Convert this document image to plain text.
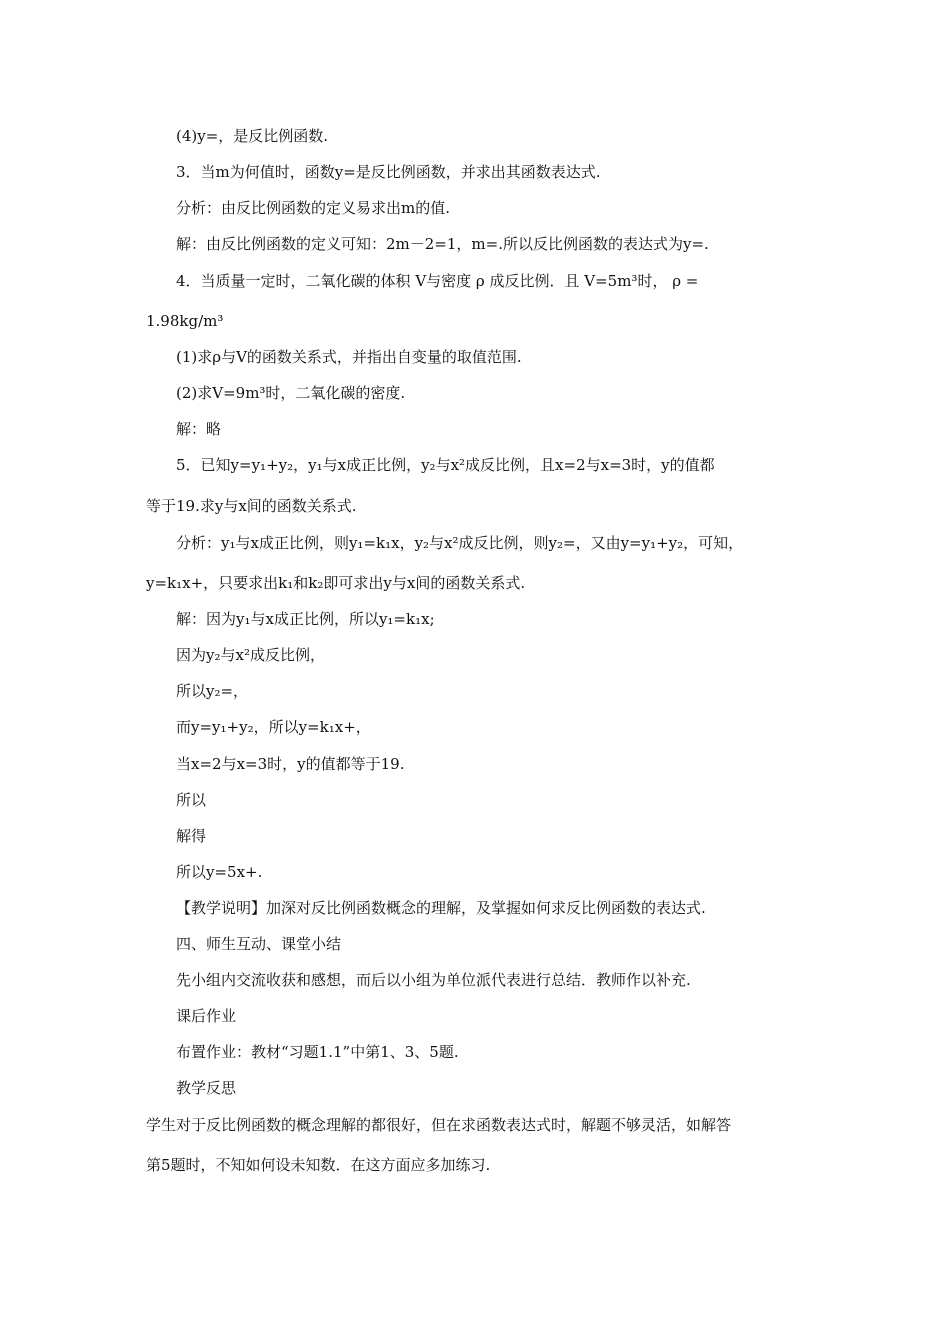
(4)y=，是反比例函数.
3．当m为何值时，函数y=是反比例函数，并求出其函数表达式.
分析：由反比例函数的定义易求出m的值.
解：由反比例函数的定义可知：2m－2=1，m=.所以反比例函数的表达式为y=.
4．当质量一定时，二氧化碳的体积 V与密度 ρ 成反比例．且 V=5m³时， ρ =
1.98kg/m³
(1)求ρ与V的函数关系式，并指出自变量的取值范围.
(2)求V=9m³时，二氧化碳的密度.
解：略
5．已知y=y₁+y₂，y₁与x成正比例，y₂与x²成反比例，且x=2与x=3时，y的值都
等于19.求y与x间的函数关系式.
分析：y₁与x成正比例，则y₁=k₁x，y₂与x²成反比例，则y₂=，又由y=y₁+y₂，可知，
y=k₁x+，只要求出k₁和k₂即可求出y与x间的函数关系式.
解：因为y₁与x成正比例，所以y₁=k₁x;
因为y₂与x²成反比例，
所以y₂=，
而y=y₁+y₂，所以y=k₁x+，
当x=2与x=3时，y的值都等于19.
所以
解得
所以y=5x+.
【教学说明】加深对反比例函数概念的理解，及掌握如何求反比例函数的表达式.
四、师生互动、课堂小结
先小组内交流收获和感想，而后以小组为单位派代表进行总结．教师作以补充.
课后作业
布置作业：教材“习题1.1”中第1、3、5题.
教学反思
学生对于反比例函数的概念理解的都很好，但在求函数表达式时，解题不够灵活，如解答
第5题时，不知如何设未知数．在这方面应多加练习.
